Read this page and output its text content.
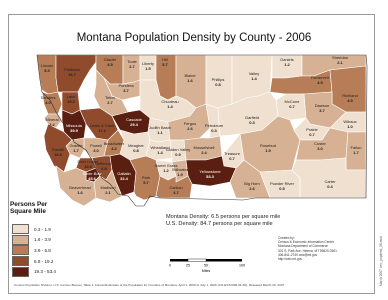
Montana Population Density by County - 2006
Lincoln
5.3	Flathead
16.7
Glacier
4.5
Toole
2.7
Liberty
1.5
Hill
5.7
Blaine
1.6	Phillips
0.8
Valley
1.4
Daniels
1.2
Sheridan
2.1
Roosevelt
4.5
Richland
4.5
Pondera
3.7
Chouteau
1.4
Teton
2.7
Sanders
4.0
Lake
19.2	McCone
0.7	Dawson
3.7
Mineral
3.2	Missoula
39.9
Lewis & Clark
17.1
Cascade
29.4
Judith Basin
1.1
Fergus
2.6
Petroleum
0.3
Garfield
0.3
Prairie
0.7
Wibaux
1.0
Powell
3.0
Granite
1.7
Broadwater
4.2
Meagher
0.8
Wheatland
1.4
Golden Valley
0.9
Musselshell
2.4
Rosebud
1.9
Treasure
0.7
Custer
3.0	Fallon
1.7
Ravalli
16.6
Deer Lodge
12.6
Silver Bow
45.6
Jefferson
6.8
Gallatin
32.4	Park
5.7
Sweet Grass
1.2 Stillwater
1.9
Yellowstone
53.3
Big Horn
2.6
Powder River
0.5
Carter
0.4
Beaverhead
1.6
Madison
2.1
Carbon
4.7
Persons Per
Square Mile
0.3 - 1.9
1.6 - 3.9
3.9 - 6.8
6.8 - 19.2
19.3 - 53.4
Montana Density: 6.5 persons per square mile
U.S. Density: 84.7 persons per square mile
0	25	50	100
Miles
Created by:
Census & Economic Information Center
Montana Department of Commerce
301 S. Park Ave. Helena, MT 59620-0501
406-841-2740 ceic@mt.gov
http://ceic.mt.gov	March 2007 ceic_popdens_06.mxd
Census Population Division, U.S. Census Bureau, Table 1: Annual Estimates of the Population for Counties of Montana: April 1, 2000 to July 1, 2006 (CO-EST2006-01-30), Released March 20, 2007
